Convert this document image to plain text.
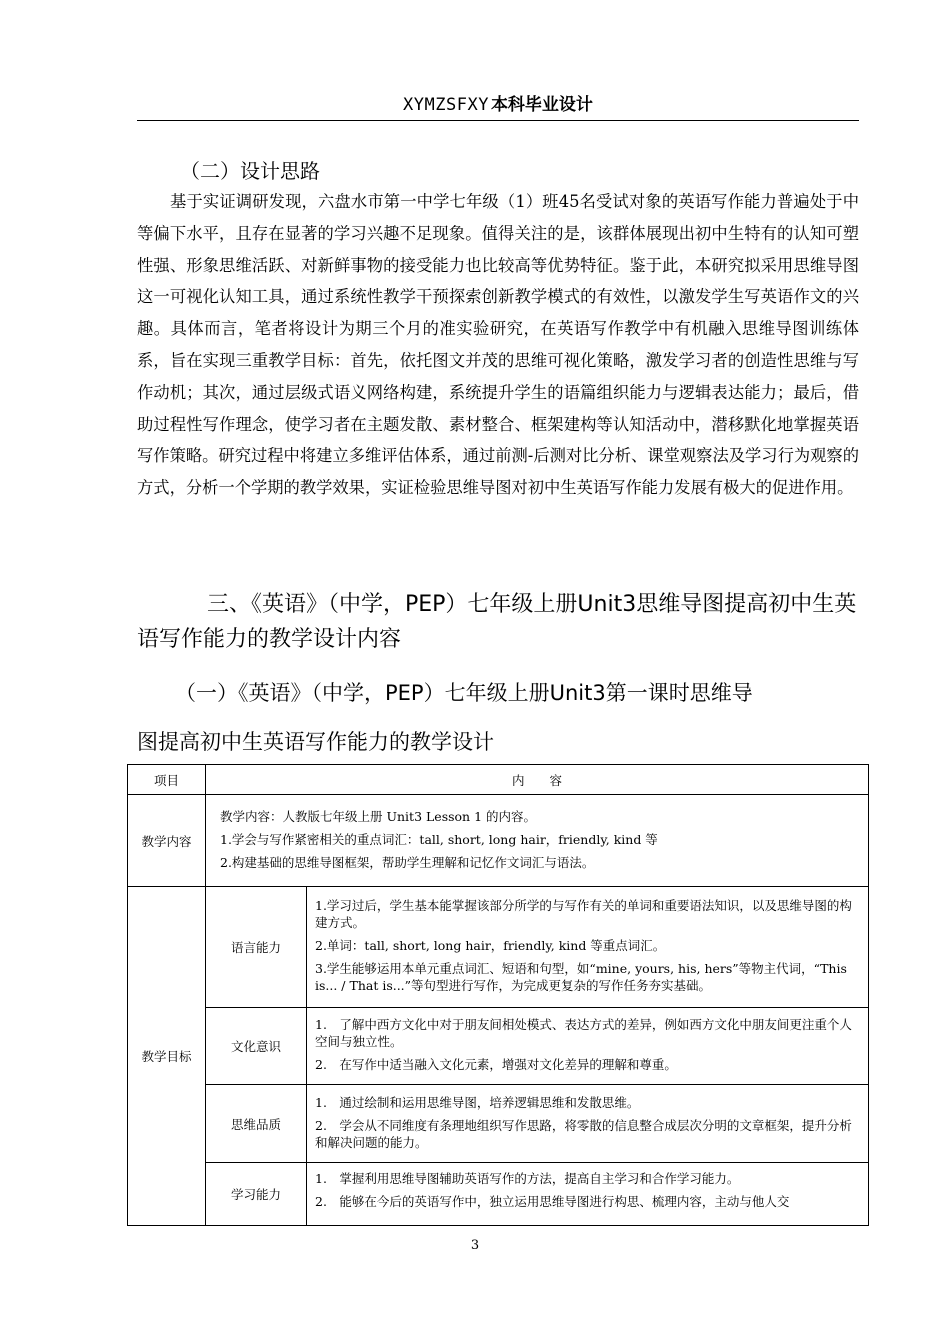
XYMZSFXY 本科毕业设计
（二）设计思路
基于实证调研发现，六盘水市第一中学七年级（1）班45名受试对象的英语写作能力普遍处于中等偏下水平，且存在显著的学习兴趣不足现象。值得关注的是，该群体展现出初中生特有的认知可塑性强、形象思维活跃、对新鲜事物的接受能力也比较高等优势特征。鉴于此，本研究拟采用思维导图这一可视化认知工具，通过系统性教学干预探索创新教学模式的有效性，以激发学生写英语作文的兴趣。具体而言，笔者将设计为期三个月的准实验研究，在英语写作教学中有机融入思维导图训练体系，旨在实现三重教学目标：首先，依托图文并茂的思维可视化策略，激发学习者的创造性思维与写作动机；其次，通过层级式语义网络构建，系统提升学生的语篇组织能力与逻辑表达能力；最后，借助过程性写作理念，使学习者在主题发散、素材整合、框架建构等认知活动中，潜移默化地掌握英语写作策略。研究过程中将建立多维评估体系，通过前测-后测对比分析、课堂观察法及学习行为观察的方式，分析一个学期的教学效果，实证检验思维导图对初中生英语写作能力发展有极大的促进作用。
三、《英语》（中学，PEP）七年级上册Unit3思维导图提高初中生英语写作能力的教学设计内容
（一）《英语》（中学，PEP）七年级上册Unit3第一课时思维导
图提高初中生英语写作能力的教学设计
项目	内　　容	
教学内容	教学内容：人教版七年级上册 Unit3 Lesson 1 的内容。

1.学会与写作紧密相关的重点词汇：tall, short, long hair，friendly, kind 等

2.构建基础的思维导图框架，帮助学生理解和记忆作文词汇与语法。	

教学目标	语言能力	1.学习过后，学生基本能掌握该部分所学的与写作有关的单词和重要语法知识，以及思维导图的构建方式。

2.单词：tall, short, long hair，friendly, kind 等重点词汇。

3.学生能够运用本单元重点词汇、短语和句型，如“mine, yours, his, hers”等物主代词，“This is... / That is...”等句型进行写作，为完成更复杂的写作任务夯实基础。

	文化意识	1.　了解中西方文化中对于朋友间相处模式、表达方式的差异，例如西方文化中朋友间更注重个人空间与独立性。

2.　在写作中适当融入文化元素，增强对文化差异的理解和尊重。

	思维品质	1.　通过绘制和运用思维导图，培养逻辑思维和发散思维。

2.　学会从不同维度有条理地组织写作思路，将零散的信息整合成层次分明的文章框架，提升分析和解决问题的能力。

	学习能力	1.　掌握利用思维导图辅助英语写作的方法，提高自主学习和合作学习能力。

2.　能够在今后的英语写作中，独立运用思维导图进行构思、梳理内容，主动与他人交

3
